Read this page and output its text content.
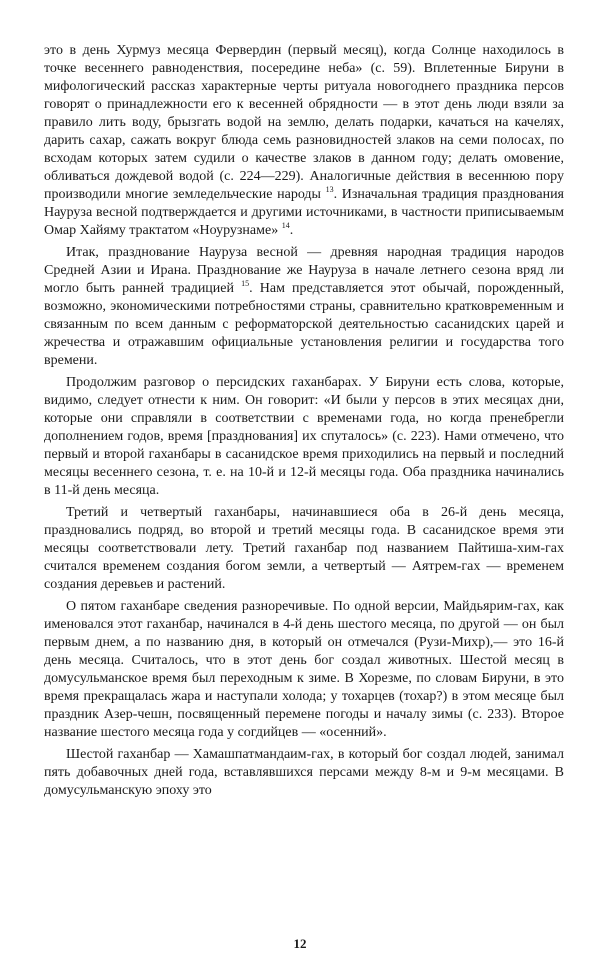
это в день Хурмуз месяца Фервердин (первый месяц), когда Солнце находилось в точке весеннего равноденствия, посередине неба» (с. 59). Вплетенные Бируни в мифологический рассказ характерные черты ритуала новогоднего праздника персов говорят о принадлежности его к весенней обрядности — в этот день люди взяли за правило лить воду, брызгать водой на землю, делать подарки, качаться на качелях, дарить сахар, сажать вокруг блюда семь разновидностей злаков на семи полосах, по всходам которых затем судили о качестве злаков в данном году; делать омовение, обливаться дождевой водой (с. 224—229). Аналогичные действия в весеннюю пору производили многие земледельческие народы $^{13}$. Изначальная традиция празднования Науруза весной подтверждается и другими источниками, в частности приписываемым Омар Хайяму трактатом «Ноурузнаме» $^{14}$.

Итак, празднование Науруза весной — древняя народная традиция народов Средней Азии и Ирана. Празднование же Науруза в начале летнего сезона вряд ли могло быть ранней традицией $^{15}$. Нам представляется этот обычай, порожденный, возможно, экономическими потребностями страны, сравнительно кратковременным и связанным по всем данным с реформаторской деятельностью сасанидских царей и жречества и отражавшим официальные установления религии и государства того времени.

Продолжим разговор о персидских гаханбарах. У Бируни есть слова, которые, видимо, следует отнести к ним. Он говорит: «И были у персов в этих месяцах дни, которые они справляли в соответствии с временами года, но когда пренебрегли дополнением годов, время [празднования] их спуталось» (с. 223). Нами отмечено, что первый и второй гаханбары в сасанидское время приходились на первый и последний месяцы весеннего сезона, т. е. на 10-й и 12-й месяцы года. Оба праздника начинались в 11-й день месяца.

Третий и четвертый гаханбары, начинавшиеся оба в 26-й день месяца, праздновались подряд, во второй и третий месяцы года. В сасанидское время эти месяцы соответствовали лету. Третий гаханбар под названием Пайтиша-хим-гах считался временем создания богом земли, а четвертый — Аятрем-гах — временем создания деревьев и растений.

О пятом гаханбаре сведения разноречивые. По одной версии, Майдьярим-гах, как именовался этот гаханбар, начинался в 4-й день шестого месяца, по другой — он был первым днем, а по названию дня, в который он отмечался (Рузи-Михр),— это 16-й день месяца. Считалось, что в этот день бог создал животных. Шестой месяц в домусульманское время был переходным к зиме. В Хорезме, по словам Бируни, в это время прекращалась жара и наступали холода; у тохарцев (тохар?) в этом месяце был праздник Азер-чешн, посвященный перемене погоды и началу зимы (с. 233). Второе название шестого месяца года у согдийцев — «осенний».

Шестой гаханбар — Хамашпатмандаим-гах, в который бог создал людей, занимал пять добавочных дней года, вставлявшихся персами между 8-м и 9-м месяцами. В домусульманскую эпоху это

12
